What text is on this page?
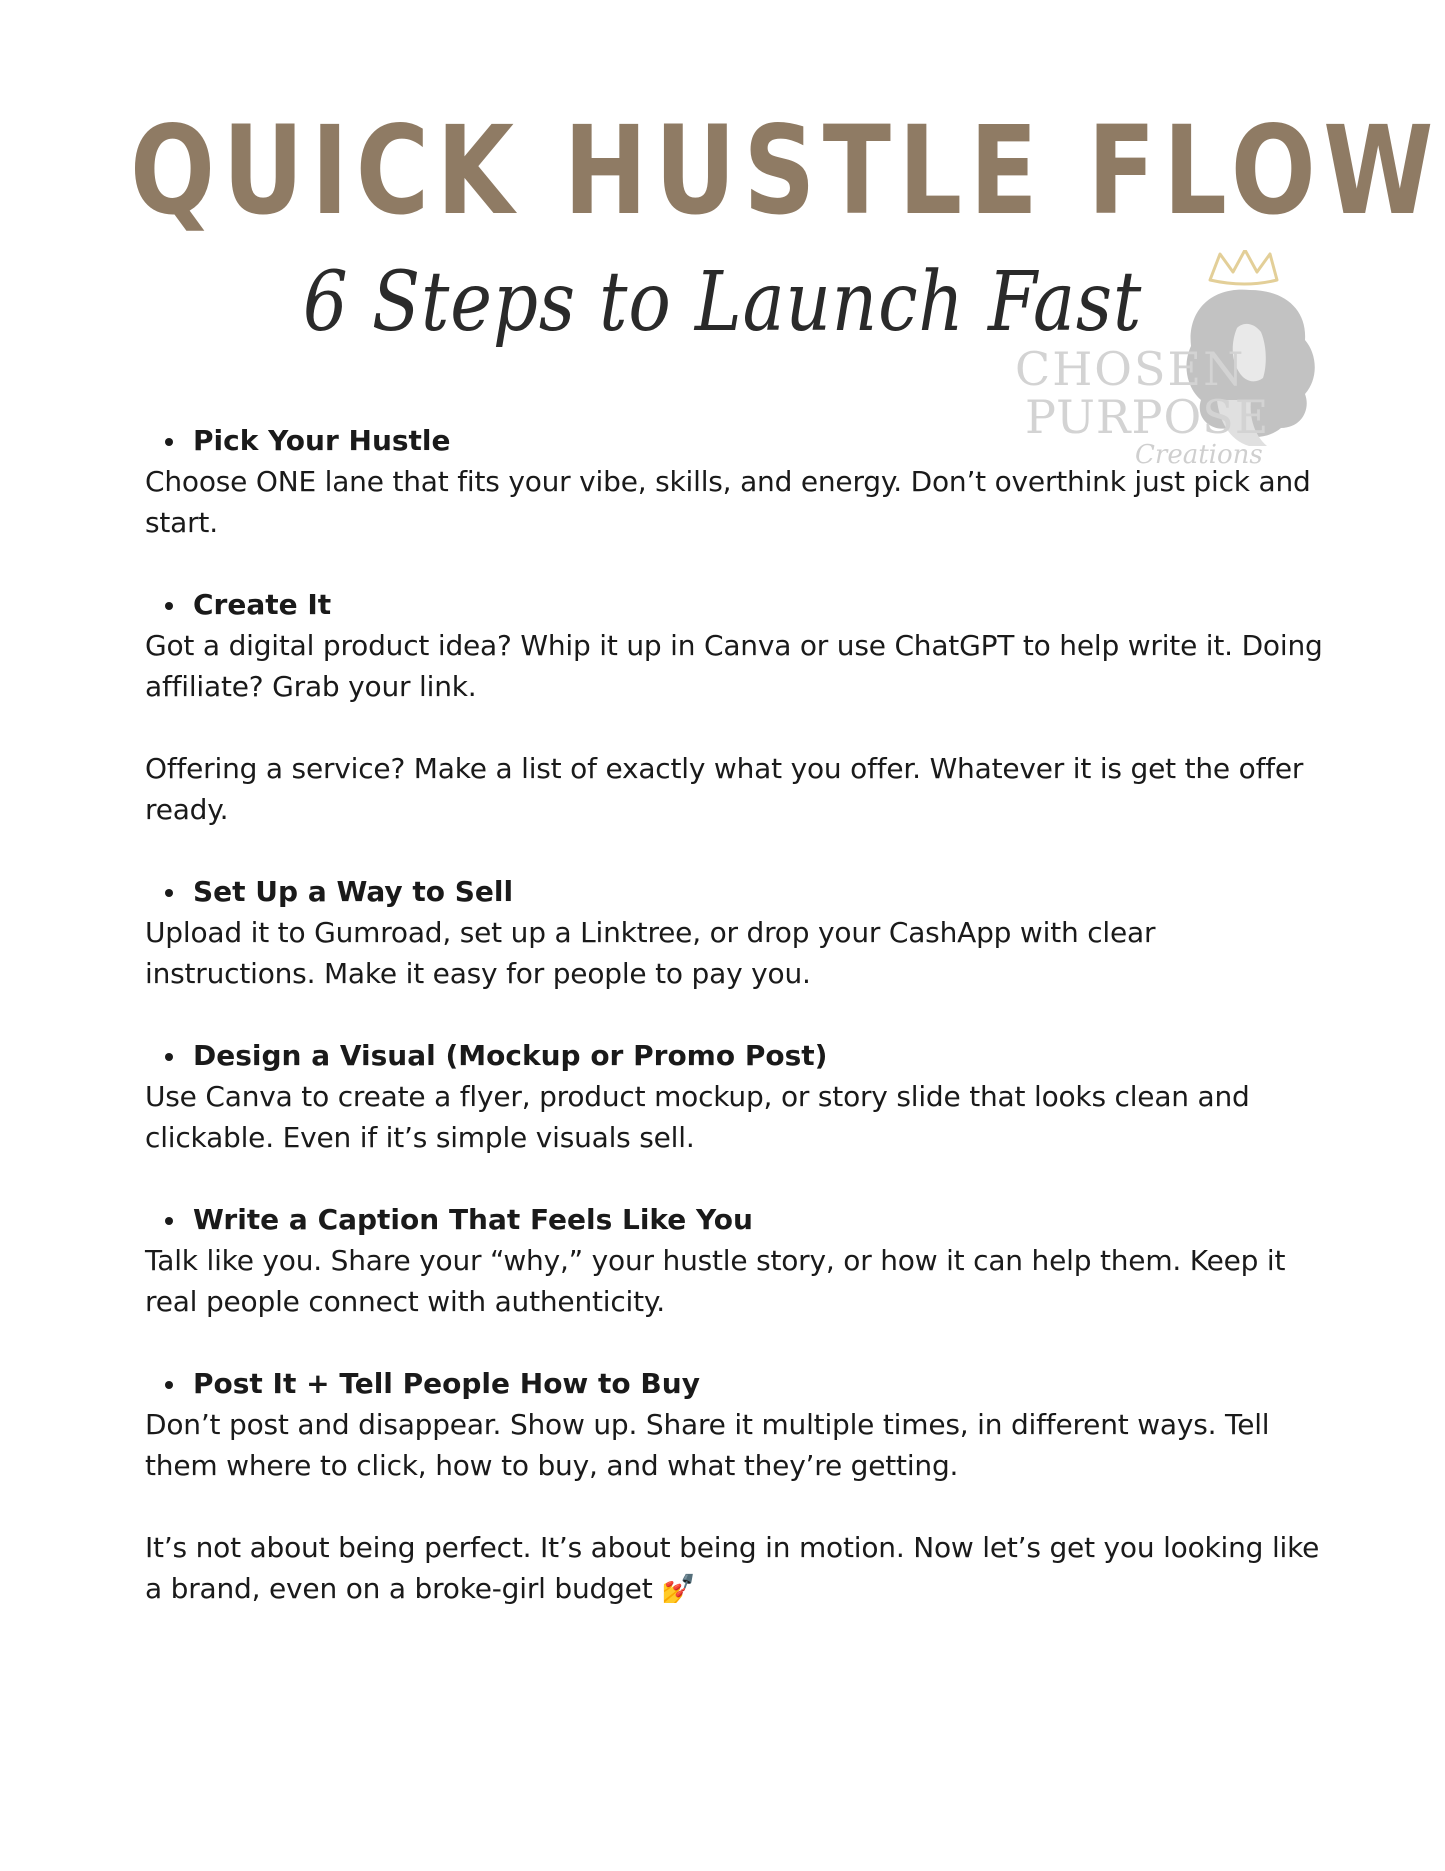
QUICK HUSTLE FLOW
6 Steps to Launch Fast
CHOSEN
PURPOSE
Creations
Pick Your Hustle

Choose ONE lane that fits your vibe, skills, and energy. Don’t overthink just pick and start.

Create It

Got a digital product idea? Whip it up in Canva or use ChatGPT to help write it. Doing affiliate? Grab your link.

Offering a service? Make a list of exactly what you offer. Whatever it is get the offer ready.

Set Up a Way to Sell

Upload it to Gumroad, set up a Linktree, or drop your CashApp with clear instructions. Make it easy for people to pay you.

Design a Visual (Mockup or Promo Post)

Use Canva to create a flyer, product mockup, or story slide that looks clean and clickable. Even if it’s simple visuals sell.

Write a Caption That Feels Like You

Talk like you. Share your “why,” your hustle story, or how it can help them. Keep it real people connect with authenticity.

Post It + Tell People How to Buy

Don’t post and disappear. Show up. Share it multiple times, in different ways. Tell them where to click, how to buy, and what they’re getting.

It’s not about being perfect. It’s about being in motion. Now let’s get you looking like a brand, even on a broke-girl budget 💅
